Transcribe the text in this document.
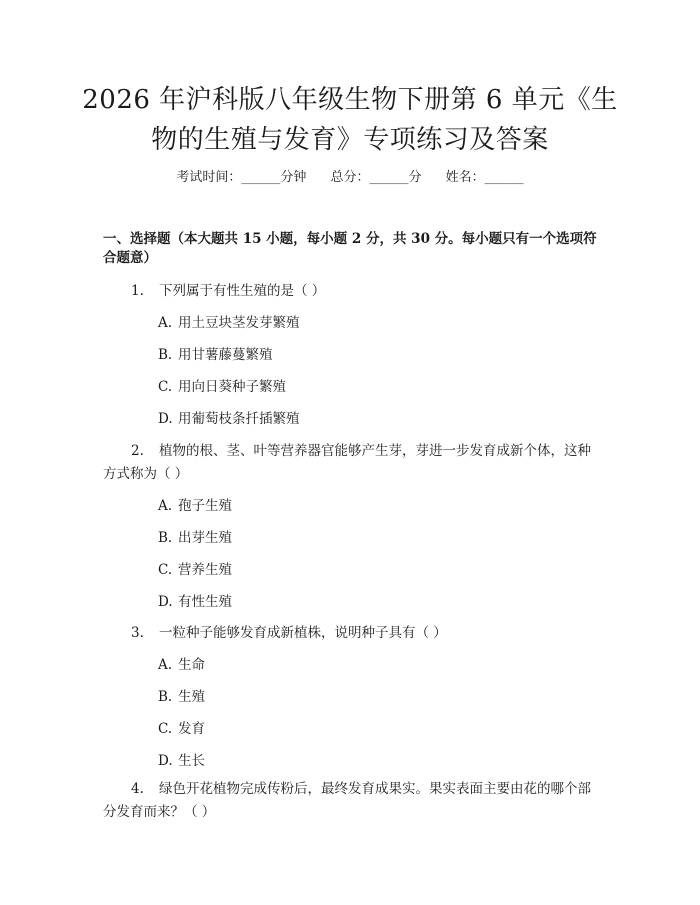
2026 年沪科版八年级生物下册第 6 单元《生
物的生殖与发育》专项练习及答案
考试时间：______分钟 总分：______分 姓名：______
一、选择题（本大题共 15 小题，每小题 2 分，共 30 分。每小题只有一个选项符
合题意）
1. 下列属于有性生殖的是（ ）
A. 用土豆块茎发芽繁殖
B. 用甘薯藤蔓繁殖
C. 用向日葵种子繁殖
D. 用葡萄枝条扦插繁殖
2. 植物的根、茎、叶等营养器官能够产生芽，芽进一步发育成新个体，这种
方式称为（ ）
A. 孢子生殖
B. 出芽生殖
C. 营养生殖
D. 有性生殖
3. 一粒种子能够发育成新植株，说明种子具有（ ）
A. 生命
B. 生殖
C. 发育
D. 生长
4. 绿色开花植物完成传粉后，最终发育成果实。果实表面主要由花的哪个部
分发育而来？（ ）
